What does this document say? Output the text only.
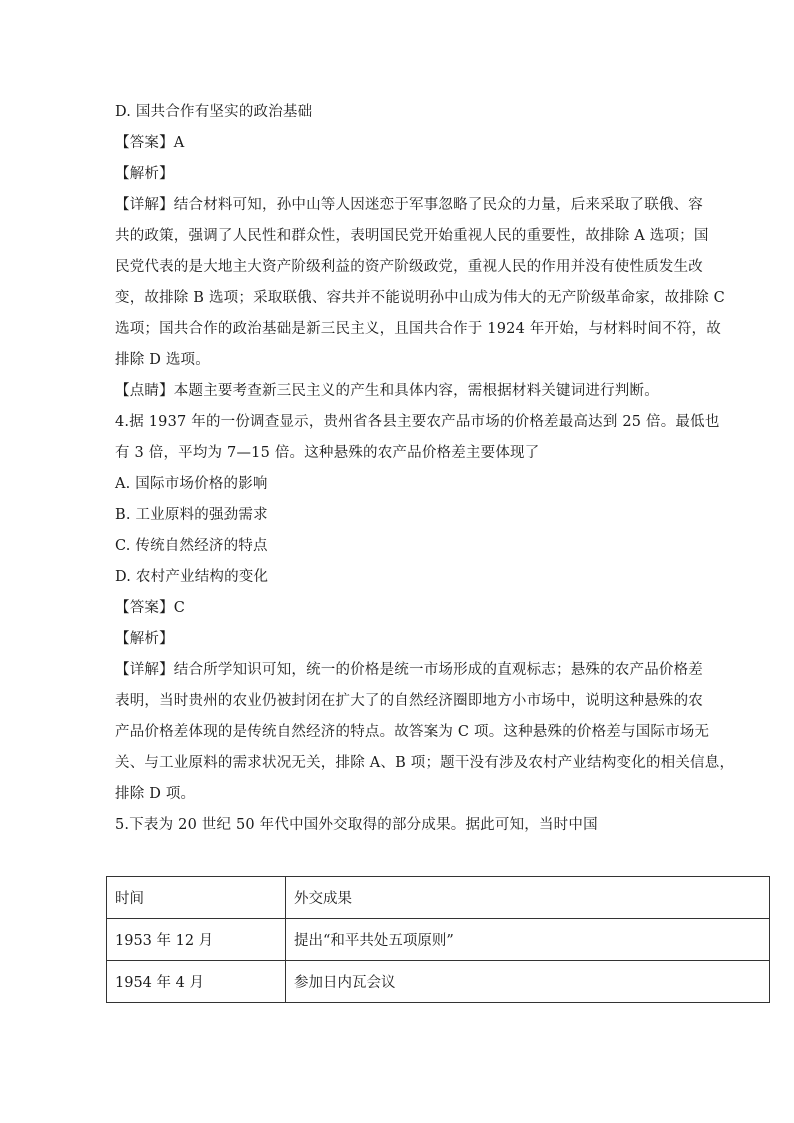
D. 国共合作有坚实的政治基础
【答案】A
【解析】
【详解】结合材料可知，孙中山等人因迷恋于军事忽略了民众的力量，后来采取了联俄、容
共的政策，强调了人民性和群众性，表明国民党开始重视人民的重要性，故排除 A 选项；国
民党代表的是大地主大资产阶级利益的资产阶级政党，重视人民的作用并没有使性质发生改
变，故排除 B 选项；采取联俄、容共并不能说明孙中山成为伟大的无产阶级革命家，故排除 C
选项；国共合作的政治基础是新三民主义，且国共合作于 1924 年开始，与材料时间不符，故
排除 D 选项。
【点睛】本题主要考查新三民主义的产生和具体内容，需根据材料关键词进行判断。
4.据 1937 年的一份调查显示，贵州省各县主要农产品市场的价格差最高达到 25 倍。最低也
有 3 倍，平均为 7—15 倍。这种悬殊的农产品价格差主要体现了
A. 国际市场价格的影响
B. 工业原料的强劲需求
C. 传统自然经济的特点
D. 农村产业结构的变化
【答案】C
【解析】
【详解】结合所学知识可知，统一的价格是统一市场形成的直观标志；悬殊的农产品价格差
表明，当时贵州的农业仍被封闭在扩大了的自然经济圈即地方小市场中，说明这种悬殊的农
产品价格差体现的是传统自然经济的特点。故答案为 C 项。这种悬殊的价格差与国际市场无
关、与工业原料的需求状况无关，排除 A、B 项；题干没有涉及农村产业结构变化的相关信息，
排除 D 项。
5.下表为 20 世纪 50 年代中国外交取得的部分成果。据此可知，当时中国
时间	外交成果
1953 年 12 月	提出“和平共处五项原则”
1954 年 4 月	参加日内瓦会议
